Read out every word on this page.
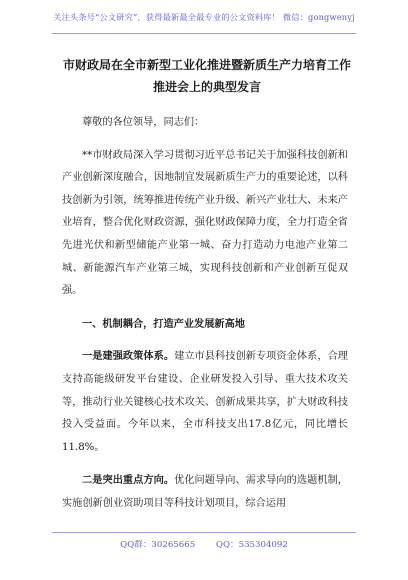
关注头条号“公文研究”，获得最新最全最专业的公文资料库！ 微信：gongwenyj
市财政局在全市新型工业化推进暨新质生产力培育工作推进会上的典型发言

尊敬的各位领导，同志们：

**市财政局深入学习贯彻习近平总书记关于加强科技创新和产业创新深度融合，因地制宜发展新质生产力的重要论述，以科技创新为引领，统筹推进传统产业升级、新兴产业壮大、未来产业培育，整合优化财政资源，强化财政保障力度，全力打造全省先进光伏和新型储能产业第一城、奋力打造动力电池产业第二城、新能源汽车产业第三城，实现科技创新和产业创新互促双强。

一、机制耦合，打造产业发展新高地

一是建强政策体系。建立市县科技创新专项资金体系，合理支持高能级研发平台建设、企业研发投入引导、重大技术攻关等，推动行业关键核心技术攻关、创新成果共享，扩大财政科技投入受益面。今年以来，全市科技支出17.8亿元，同比增长11.8%。

二是突出重点方向。优化问题导向、需求导向的选题机制，实施创新创业资助项目等科技计划项目，综合运用

QQ群：30265665 QQ：535304092
